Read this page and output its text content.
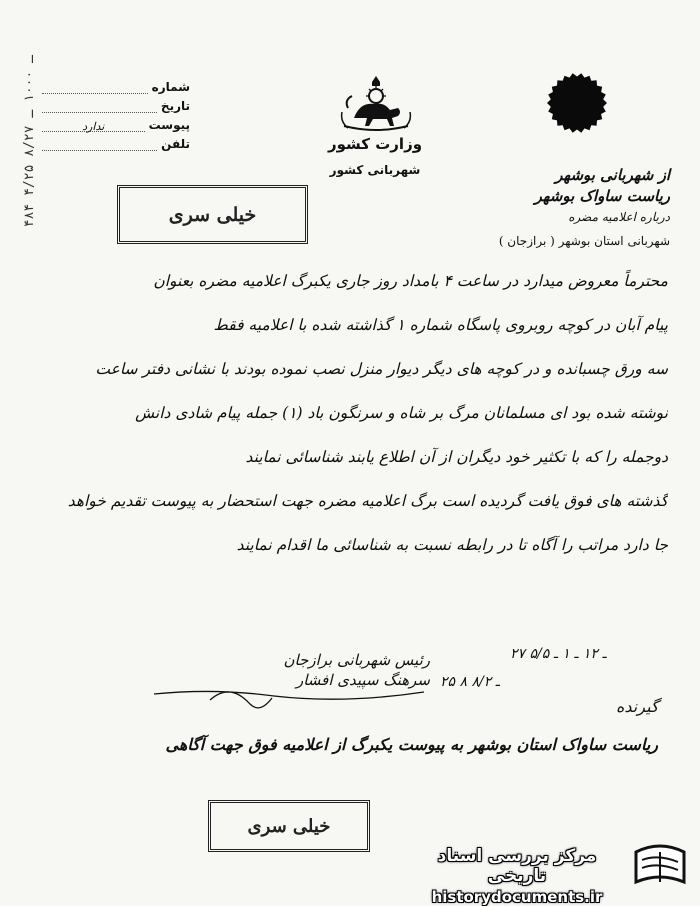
۴۸۴ ـ ۱۰۰۰ ـ ۸/۲۷ ۴/۲۵
شماره
تاریخ
پیوست
ندارد
تلفن	وزارت کشور
شهربانی کشور	از شهربانی بوشهر
ریاست ساواک بوشهر
درباره اعلامیه مضره
شهربانی استان بوشهر ( برازجان )
خیلی سری
محترماً معروض میدارد در ساعت ۴ بامداد روز جاری یکبرگ اعلامیه مضره بعنوان
پیام آبان در کوچه روبروی پاسگاه شماره ۱ گذاشته شده با اعلامیه فقط
سه ورق چسبانده و در کوچه های دیگر دیوار منزل نصب نموده بودند با نشانی دفتر ساعت
نوشته شده بود ای مسلمانان مرگ بر شاه و سرنگون باد (۱) جمله پیام شادی دانش
دوجمله را که با تکثیر خود دیگران از آن اطلاع یابند شناسائی نمایند
گذشته های فوق یافت گردیده است برگ اعلامیه مضره جهت استحضار به پیوست تقدیم خواهد
جا دارد مراتب را آگاه تا در رابطه نسبت به شناسائی ما اقدام نمایند
۲۷ ـ ۱۲ ـ ۱ ـ ۵/۵
۲۵ ۸ ـ ۸/۲
رئیس شهربانی برازجان
سرهنگ سپیدی افشار
گیرنده
ریاست ساواک استان بوشهر به پیوست یکبرگ از اعلامیه فوق جهت آگاهی
خیلی سری
مرکز بررسی اسناد تاریخی
historydocuments.ir
